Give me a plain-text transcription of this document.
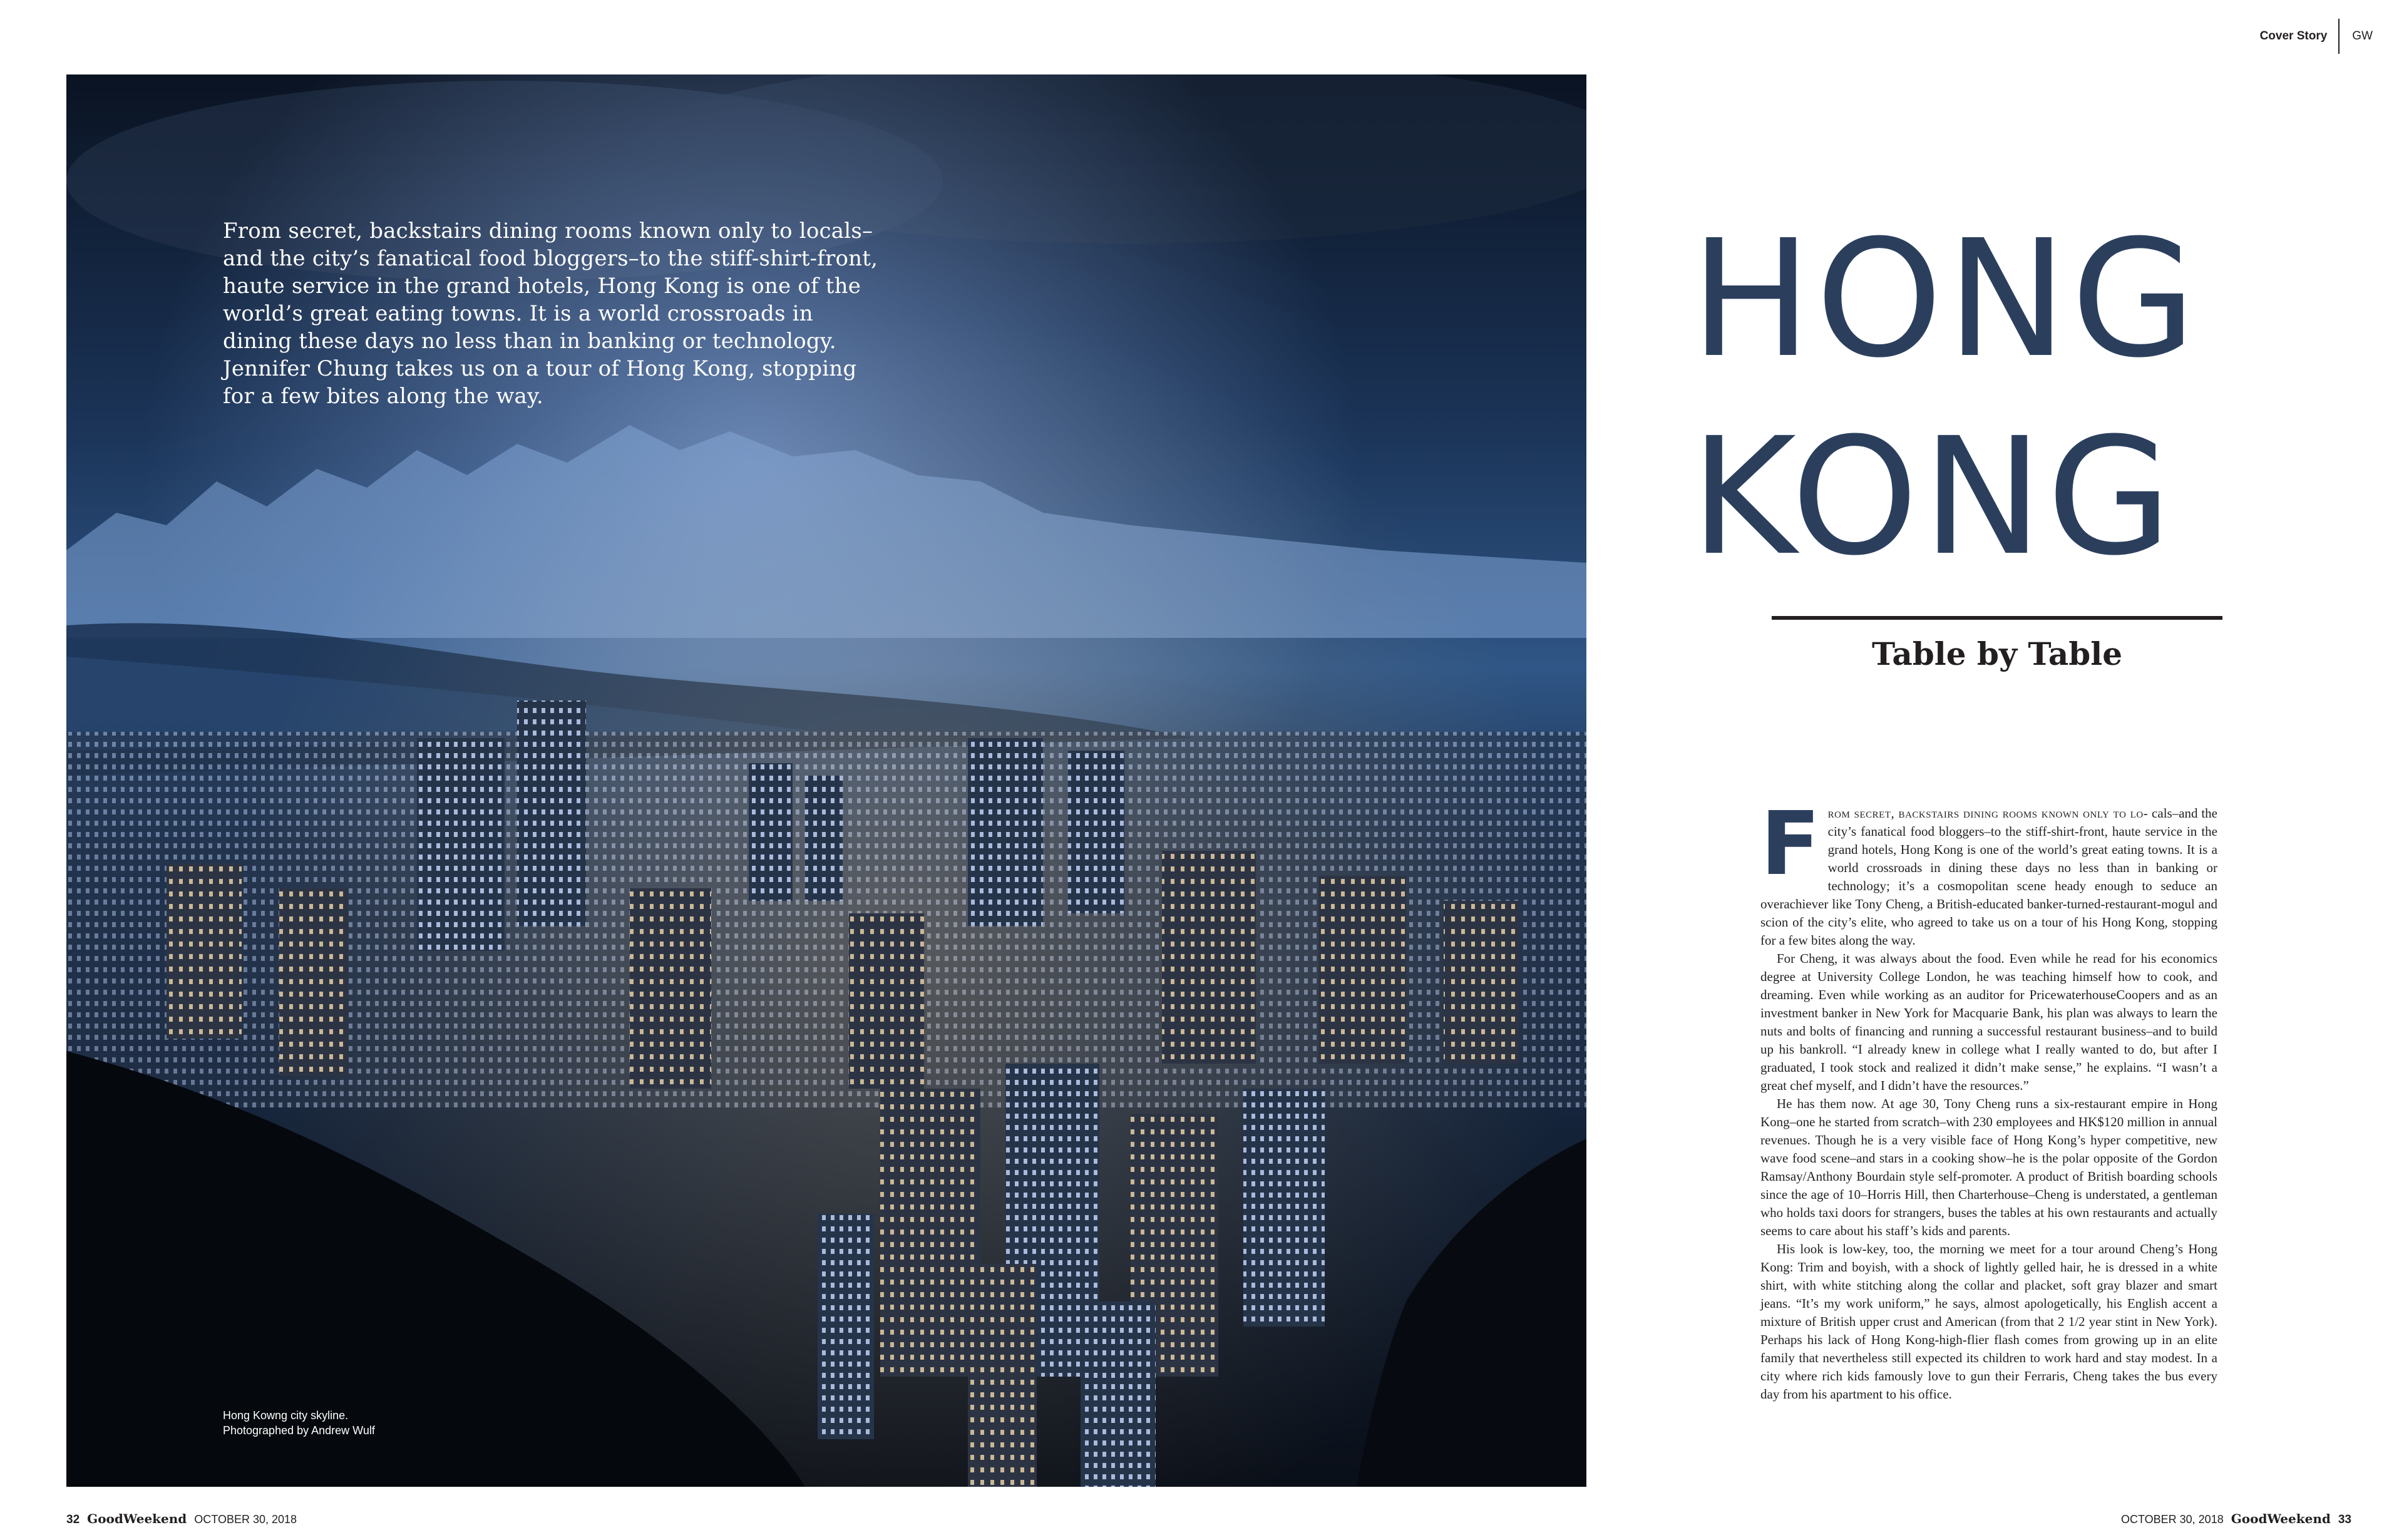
Cover Story	GW

From secret, backstairs dining rooms known only to locals–and the city’s fanatical food bloggers–to the stiff-shirt-front, haute service in the grand hotels, Hong Kong is one of the world’s great eating towns. It is a world crossroads in dining these days no less than in banking or technology. Jennifer Chung takes us on a tour of Hong Kong, stopping for a few bites along the way.

Hong Kowng city skyline. Photographed by Andrew Wulf

HONG
KONG
Table by Table

From secret, backstairs dining rooms known only to lo- cals–and the city’s fanatical food bloggers–to the stiff-shirt-front, haute service in the grand hotels, Hong Kong is one of the world’s great eating towns. It is a world crossroads in dining these days no less than in banking or technology; it’s a cosmopolitan scene heady enough to seduce an overachiever like Tony Cheng, a British-educated banker-turned-restaurant-mogul and scion of the city’s elite, who agreed to take us on a tour of his Hong Kong, stopping for a few bites along the way.

For Cheng, it was always about the food. Even while he read for his economics degree at University College London, he was teaching himself how to cook, and dreaming. Even while working as an auditor for PricewaterhouseCoopers and as an investment banker in New York for Macquarie Bank, his plan was always to learn the nuts and bolts of financing and running a successful restaurant business–and to build up his bankroll. “I already knew in college what I really wanted to do, but after I graduated, I took stock and realized it didn’t make sense,” he explains. “I wasn’t a great chef myself, and I didn’t have the resources.”

He has them now. At age 30, Tony Cheng runs a six-restaurant empire in Hong Kong–one he started from scratch–with 230 employees and HK$120 million in annual revenues. Though he is a very visible face of Hong Kong’s hyper competitive, new wave food scene–and stars in a cooking show–he is the polar opposite of the Gordon Ramsay/Anthony Bourdain style self-promoter. A product of British boarding schools since the age of 10–Horris Hill, then Charterhouse–Cheng is understated, a gentleman who holds taxi doors for strangers, buses the tables at his own restaurants and actually seems to care about his staff’s kids and parents.

His look is low-key, too, the morning we meet for a tour around Cheng’s Hong Kong: Trim and boyish, with a shock of lightly gelled hair, he is dressed in a white shirt, with white stitching along the collar and placket, soft gray blazer and smart jeans. “It’s my work uniform,” he says, almost apologetically, his English accent a mixture of British upper crust and American (from that 2 1/2 year stint in New York). Perhaps his lack of Hong Kong-high-flier flash comes from growing up in an elite family that nevertheless still expected its children to work hard and stay modest. In a city where rich kids famously love to gun their Ferraris, Cheng takes the bus every day from his apartment to his office.

32 GoodWeekend OCTOBER 30, 2018	OCTOBER 30, 2018 GoodWeekend 33
